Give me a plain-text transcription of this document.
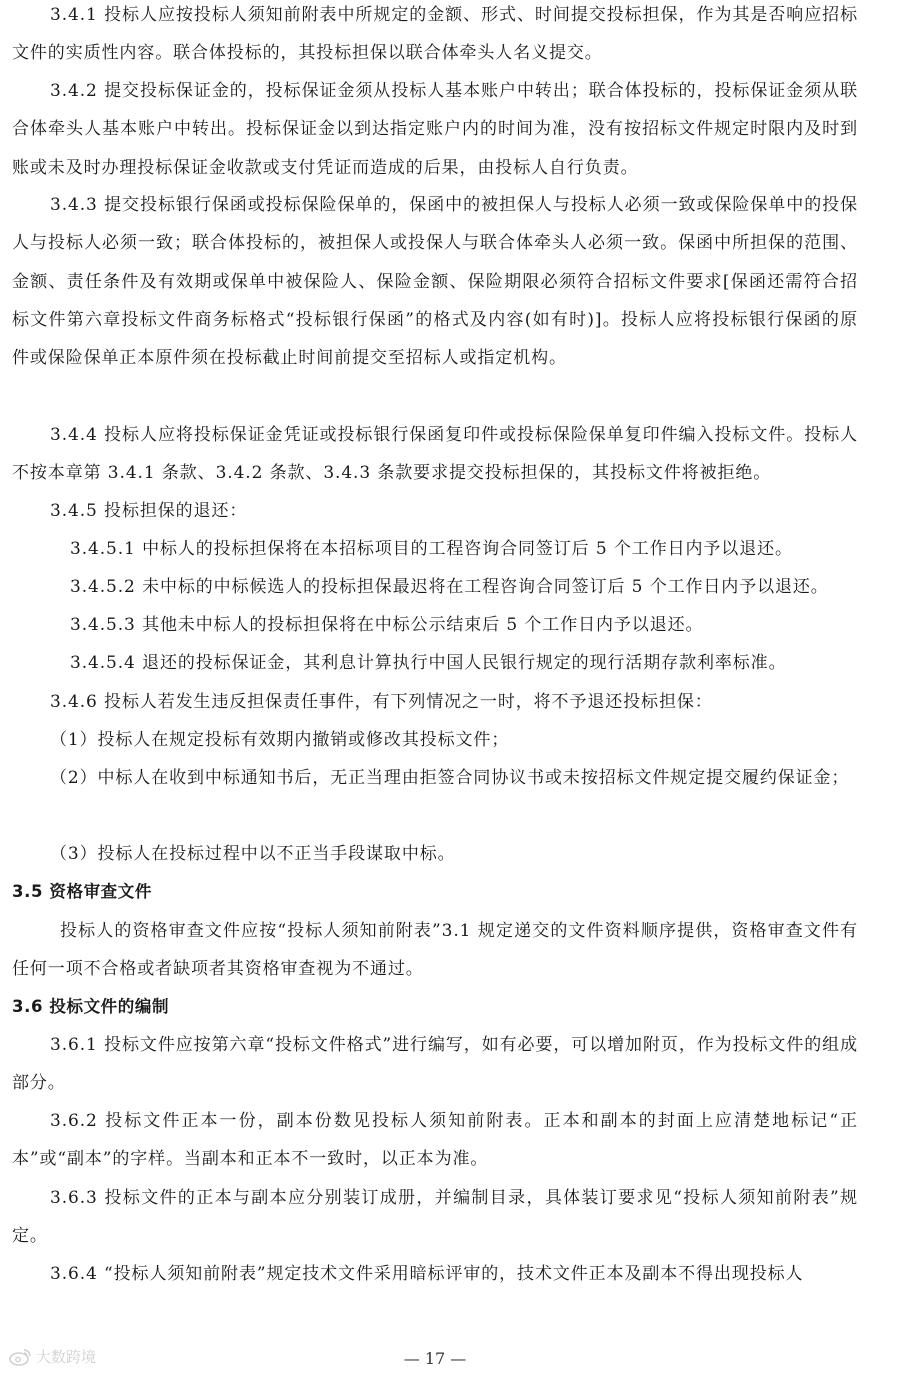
3.4.1 投标人应按投标人须知前附表中所规定的金额、形式、时间提交投标担保，作为其是否响应招标文件的实质性内容。联合体投标的，其投标担保以联合体牵头人名义提交。

3.4.2 提交投标保证金的，投标保证金须从投标人基本账户中转出；联合体投标的，投标保证金须从联合体牵头人基本账户中转出。投标保证金以到达指定账户内的时间为准，没有按招标文件规定时限内及时到账或未及时办理投标保证金收款或支付凭证而造成的后果，由投标人自行负责。

3.4.3 提交投标银行保函或投标保险保单的，保函中的被担保人与投标人必须一致或保险保单中的投保人与投标人必须一致；联合体投标的，被担保人或投保人与联合体牵头人必须一致。保函中所担保的范围、金额、责任条件及有效期或保单中被保险人、保险金额、保险期限必须符合招标文件要求[保函还需符合招标文件第六章投标文件商务标格式“投标银行保函”的格式及内容(如有时)]。投标人应将投标银行保函的原件或保险保单正本原件须在投标截止时间前提交至招标人或指定机构。

3.4.4 投标人应将投标保证金凭证或投标银行保函复印件或投标保险保单复印件编入投标文件。投标人不按本章第 3.4.1 条款、3.4.2 条款、3.4.3 条款要求提交投标担保的，其投标文件将被拒绝。

3.4.5 投标担保的退还：

3.4.5.1 中标人的投标担保将在本招标项目的工程咨询合同签订后 5 个工作日内予以退还。

3.4.5.2 未中标的中标候选人的投标担保最迟将在工程咨询合同签订后 5 个工作日内予以退还。

3.4.5.3 其他未中标人的投标担保将在中标公示结束后 5 个工作日内予以退还。

3.4.5.4 退还的投标保证金，其利息计算执行中国人民银行规定的现行活期存款利率标准。

3.4.6 投标人若发生违反担保责任事件，有下列情况之一时，将不予退还投标担保：

（1）投标人在规定投标有效期内撤销或修改其投标文件；

（2）中标人在收到中标通知书后，无正当理由拒签合同协议书或未按招标文件规定提交履约保证金；

（3）投标人在投标过程中以不正当手段谋取中标。

3.5 资格审查文件

投标人的资格审查文件应按“投标人须知前附表”3.1 规定递交的文件资料顺序提供，资格审查文件有任何一项不合格或者缺项者其资格审查视为不通过。

3.6 投标文件的编制

3.6.1 投标文件应按第六章“投标文件格式”进行编写，如有必要，可以增加附页，作为投标文件的组成部分。

3.6.2 投标文件正本一份，副本份数见投标人须知前附表。正本和副本的封面上应清楚地标记“正本”或“副本”的字样。当副本和正本不一致时，以正本为准。

3.6.3 投标文件的正本与副本应分别装订成册，并编制目录，具体装订要求见“投标人须知前附表”规定。

3.6.4 “投标人须知前附表”规定技术文件采用暗标评审的，技术文件正本及副本不得出现投标人

大数跨境	— 17 —
